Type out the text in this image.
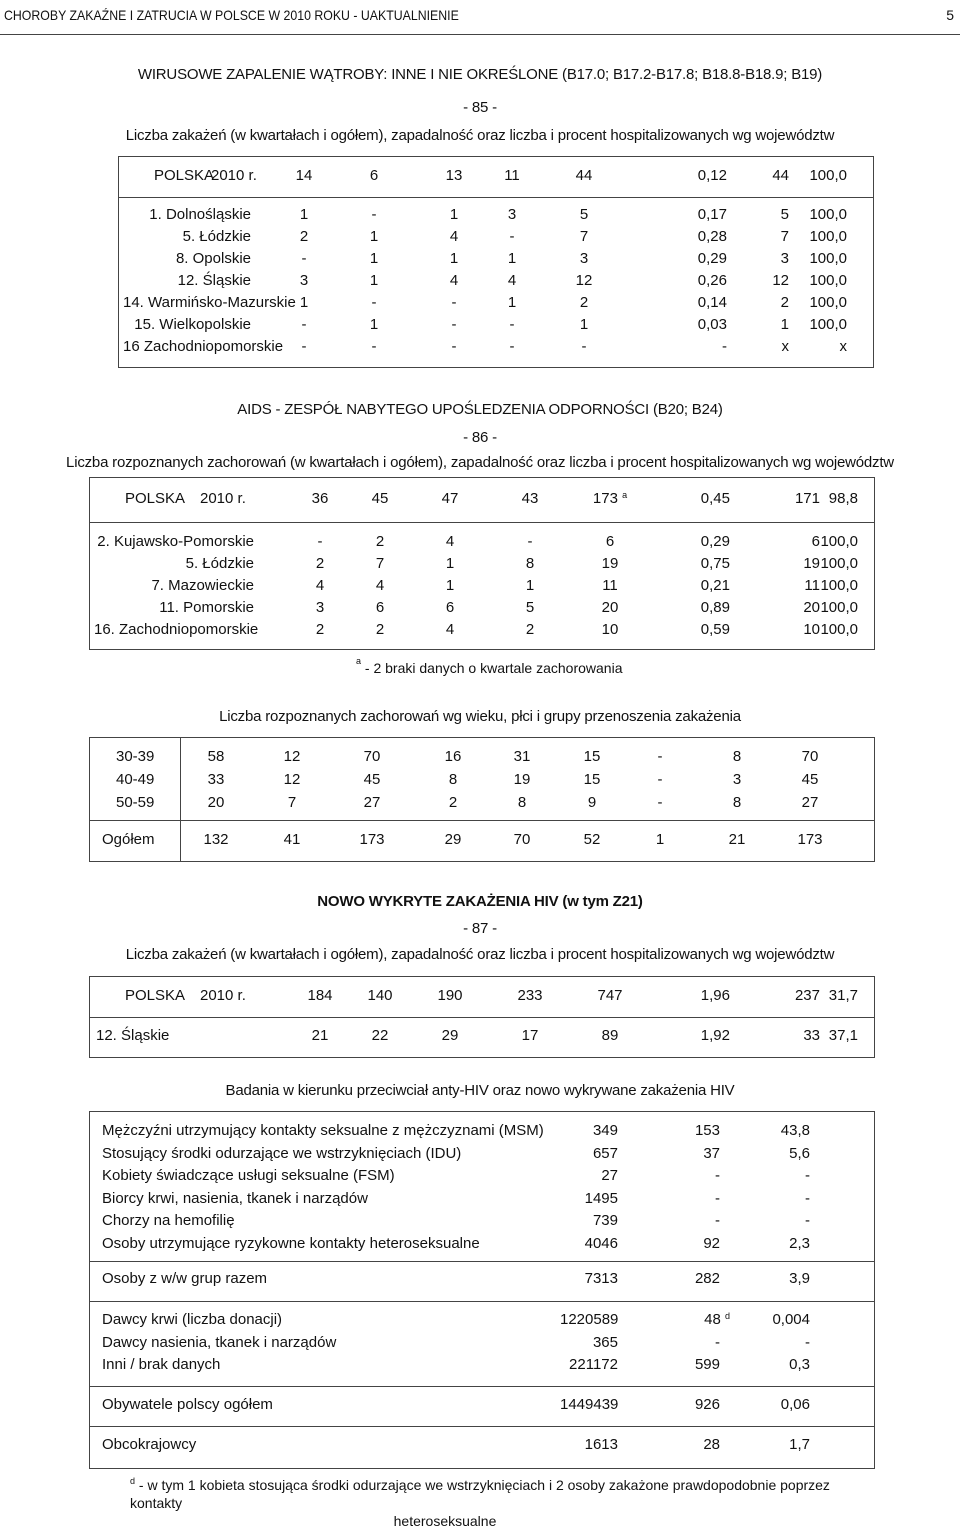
CHOROBY ZAKAŹNE I ZATRUCIA W POLSCE W 2010 ROKU - UAKTUALNIENIE	5
WIRUSOWE ZAPALENIE WĄTROBY: INNE I NIE OKREŚLONE (B17.0; B17.2-B17.8; B18.8-B18.9; B19)
- 85 -
Liczba zakażeń (w kwartałach i ogółem), zapadalność oraz liczba i procent hospitalizowanych wg województw
POLSKA
2010 r.	14	6	13	11	44	0,12	44	100,0
1. Dolnośląskie	1	-	1	3	5	0,17	5	100,0
5. Łódzkie	2	1	4	-	7	0,28	7	100,0
8. Opolskie	-	1	1	1	3	0,29	3	100,0
12. Śląskie	3	1	4	4	12	0,26	12	100,0
14. Warmińsko-Mazurskie 1	-	-	1	2	0,14	2	100,0
15. Wielkopolskie	-	1	-	-	1	0,03	1	100,0
16 Zachodniopomorskie	-	-	-	-	-	-	x	x
AIDS - ZESPÓŁ NABYTEGO UPOŚLEDZENIA ODPORNOŚCI (B20; B24)
- 86 -
Liczba rozpoznanych zachorowań (w kwartałach i ogółem), zapadalność oraz liczba i procent hospitalizowanych wg województw
POLSKA 2010 r.	36	45	47	43	173 $^a$	0,45	171 98,8
2. Kujawsko-Pomorskie	-	2	4	-	6	0,29	6 100,0
5. Łódzkie	2	7	1	8	19	0,75	19 100,0
7. Mazowieckie	4	4	1	1	11	0,21	11 100,0
11. Pomorskie	3	6	6	5	20	0,89	20 100,0
16. Zachodniopomorskie	2	2	4	2	10	0,59	10 100,0
$^a$ - 2 braki danych o kwartale zachorowania
Liczba rozpoznanych zachorowań wg wieku, płci i grupy przenoszenia zakażenia
30-39	58	12	70	16	31	15	-	8	70
40-49	33	12	45	8	19	15	-	3	45
50-59	20	7	27	2	8	9	-	8	27
Ogółem	132	41	173	29	70	52	1	21	173
NOWO WYKRYTE ZAKAŻENIA HIV (w tym Z21)
- 87 -
Liczba zakażeń (w kwartałach i ogółem), zapadalność oraz liczba i procent hospitalizowanych wg województw
POLSKA 2010 r.	184	140	190	233	747	1,96	237 31,7
12. Śląskie	21	22	29	17	89	1,92	33 37,1
Badania w kierunku przeciwciał anty-HIV oraz nowo wykrywane zakażenia HIV
Mężczyźni utrzymujący kontakty seksualne z mężczyznami (MSM)	349	153	43,8
Stosujący środki odurzające we wstrzyknięciach (IDU)	657	37	5,6
Kobiety świadczące usługi seksualne (FSM)	27	-	-
Biorcy krwi, nasienia, tkanek i narządów	1495	-	-
Chorzy na hemofilię	739	-	-
Osoby utrzymujące ryzykowne kontakty heteroseksualne	4046	92	2,3
Osoby z w/w grup razem	7313	282	3,9
Dawcy krwi (liczba donacji)	1220589	48 $^d$	0,004
Dawcy nasienia, tkanek i narządów	365	-	-
Inni / brak danych	221172	599	0,3
Obywatele polscy ogółem	1449439	926	0,06
Obcokrajowcy	1613	28	1,7
$^d$ - w tym 1 kobieta stosująca środki odurzające we wstrzyknięciach i 2 osoby zakażone prawdopodobnie poprzez kontakty
heteroseksualne
